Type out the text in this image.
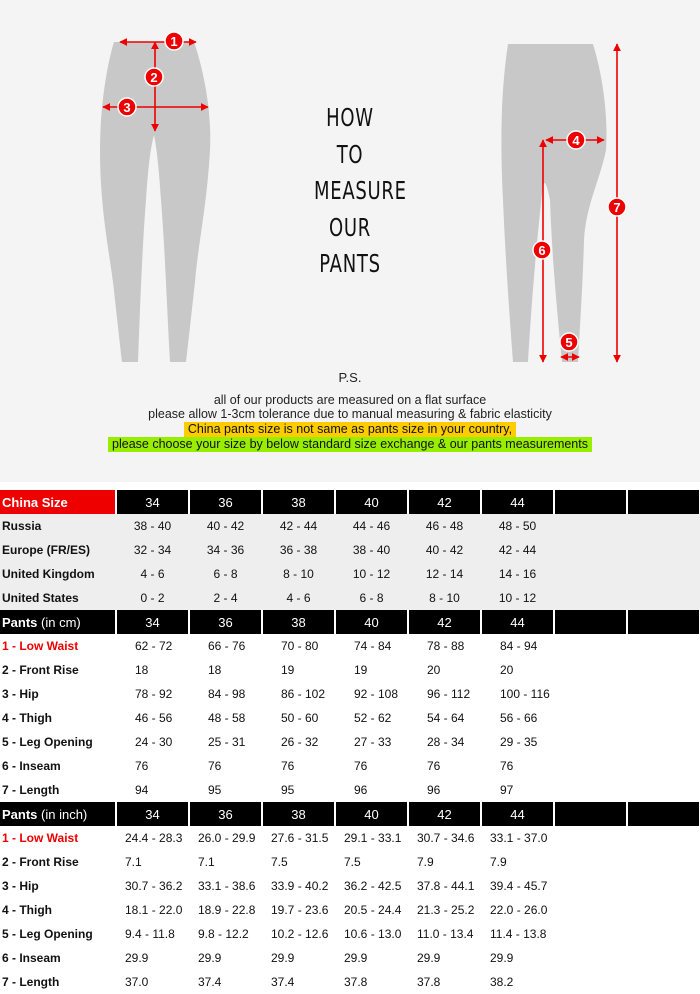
1
2
3
4
5
6
7
HOW
TO
MEASURE
OUR
PANTS
P.S.
all of our products are measured on a flat surface
please allow 1-3cm tolerance due to manual measuring & fabric elasticity
China pants size is not same as pants size in your country,
please choose your size by below standard size exchange & our pants measurements
China Size	34	36	38	40	42	44		
Russia	38 - 40	40 - 42	42 - 44	44 - 46	46 - 48	48 - 50		
Europe (FR/ES)	32 - 34	34 - 36	36 - 38	38 - 40	40 - 42	42 - 44		
United Kingdom	4 - 6	6 - 8	8 - 10	10 - 12	12 - 14	14 - 16		
United States	0 - 2	2 - 4	4 - 6	6 - 8	8 - 10	10 - 12		
Pants (in cm)	34	36	38	40	42	44		
1 - Low Waist	62 - 72	66 - 76	70 - 80	74 - 84	78 - 88	84 - 94		
2 - Front Rise	18	18	19	19	20	20		
3 - Hip	78 - 92	84 - 98	86 - 102	92 - 108	96 - 112	100 - 116		
4 - Thigh	46 - 56	48 - 58	50 - 60	52 - 62	54 - 64	56 - 66		
5 - Leg Opening	24 - 30	25 - 31	26 - 32	27 - 33	28 - 34	29 - 35		
6 - Inseam	76	76	76	76	76	76		
7 - Length	94	95	95	96	96	97		
Pants (in inch)	34	36	38	40	42	44		
1 - Low Waist	24.4 - 28.3	26.0 - 29.9	27.6 - 31.5	29.1 - 33.1	30.7 - 34.6	33.1 - 37.0		
2 - Front Rise	7.1	7.1	7.5	7.5	7.9	7.9		
3 - Hip	30.7 - 36.2	33.1 - 38.6	33.9 - 40.2	36.2 - 42.5	37.8 - 44.1	39.4 - 45.7		
4 - Thigh	18.1 - 22.0	18.9 - 22.8	19.7 - 23.6	20.5 - 24.4	21.3 - 25.2	22.0 - 26.0		
5 - Leg Opening	9.4 - 11.8	9.8 - 12.2	10.2 - 12.6	10.6 - 13.0	11.0 - 13.4	11.4 - 13.8		
6 - Inseam	29.9	29.9	29.9	29.9	29.9	29.9		
7 - Length	37.0	37.4	37.4	37.8	37.8	38.2		
